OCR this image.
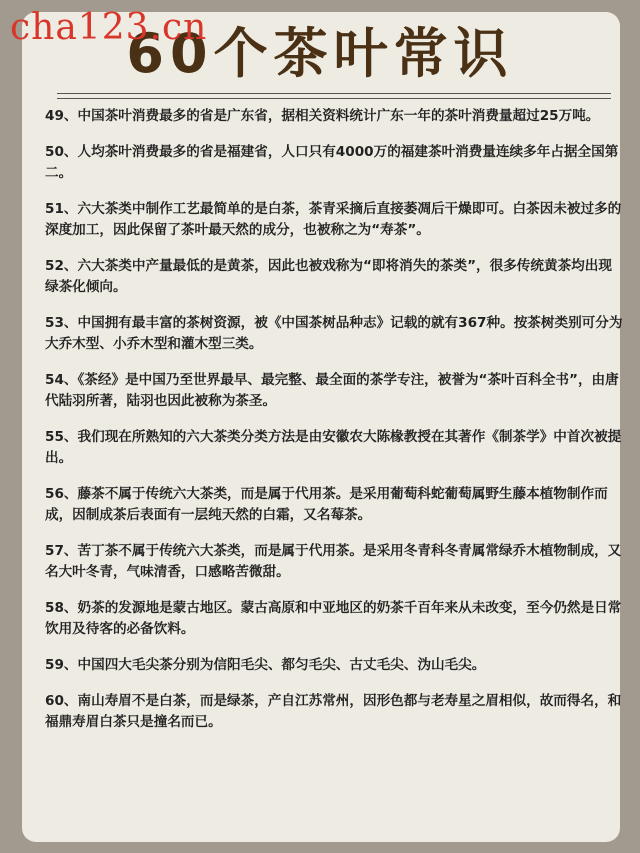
60个茶叶常识
cha123.cn

49、中国茶叶消费最多的省是广东省，据相关资料统计广东一年的茶叶消费量超过25万吨。

50、人均茶叶消费最多的省是福建省，人口只有4000万的福建茶叶消费量连续多年占据全国第二。

51、六大茶类中制作工艺最简单的是白茶，茶青采摘后直接萎凋后干燥即可。白茶因未被过多的深度加工，因此保留了茶叶最天然的成分，也被称之为“寿茶”。

52、六大茶类中产量最低的是黄茶，因此也被戏称为“即将消失的茶类”，很多传统黄茶均出现绿茶化倾向。

53、中国拥有最丰富的茶树资源，被《中国茶树品种志》记载的就有367种。按茶树类别可分为大乔木型、小乔木型和灌木型三类。

54、《茶经》是中国乃至世界最早、最完整、最全面的茶学专注，被誉为“茶叶百科全书”，由唐代陆羽所著，陆羽也因此被称为茶圣。

55、我们现在所熟知的六大茶类分类方法是由安徽农大陈椽教授在其著作《制茶学》中首次被提出。

56、藤茶不属于传统六大茶类，而是属于代用茶。是采用葡萄科蛇葡萄属野生藤本植物制作而成，因制成茶后表面有一层纯天然的白霜，又名莓茶。

57、苦丁茶不属于传统六大茶类，而是属于代用茶。是采用冬青科冬青属常绿乔木植物制成，又名大叶冬青，气味清香，口感略苦微甜。

58、奶茶的发源地是蒙古地区。蒙古高原和中亚地区的奶茶千百年来从未改变，至今仍然是日常饮用及待客的必备饮料。

59、中国四大毛尖茶分别为信阳毛尖、都匀毛尖、古丈毛尖、沩山毛尖。

60、南山寿眉不是白茶，而是绿茶，产自江苏常州，因形色都与老寿星之眉相似，故而得名，和福鼎寿眉白茶只是撞名而已。
